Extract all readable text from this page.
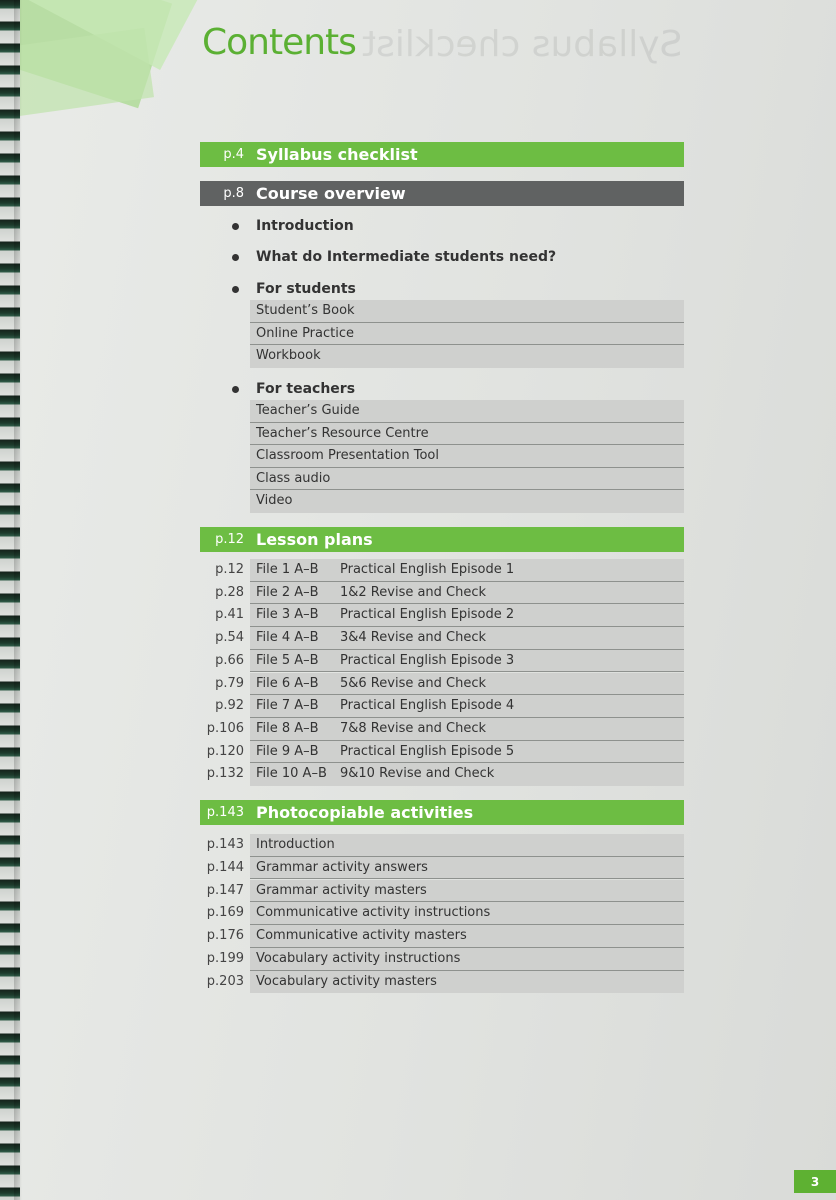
Syllabus checklist
Contents
p.4 Syllabus checklist
p.8 Course overview
Introduction
What do Intermediate students need?
For students
Student’s Book
Online Practice
Workbook
For teachers
Teacher’s Guide
Teacher’s Resource Centre
Classroom Presentation Tool
Class audio
Video
p.12 Lesson plans
p.12 File 1 A–B	Practical English Episode 1
p.28 File 2 A–B	1&2 Revise and Check
p.41 File 3 A–B	Practical English Episode 2
p.54 File 4 A–B	3&4 Revise and Check
p.66 File 5 A–B	Practical English Episode 3
p.79 File 6 A–B	5&6 Revise and Check
p.92 File 7 A–B	Practical English Episode 4
p.106 File 8 A–B	7&8 Revise and Check
p.120 File 9 A–B	Practical English Episode 5
p.132 File 10 A–B	9&10 Revise and Check
p.143 Photocopiable activities
p.143 Introduction
p.144 Grammar activity answers
p.147 Grammar activity masters
p.169 Communicative activity instructions
p.176 Communicative activity masters
p.199 Vocabulary activity instructions
p.203 Vocabulary activity masters
3
